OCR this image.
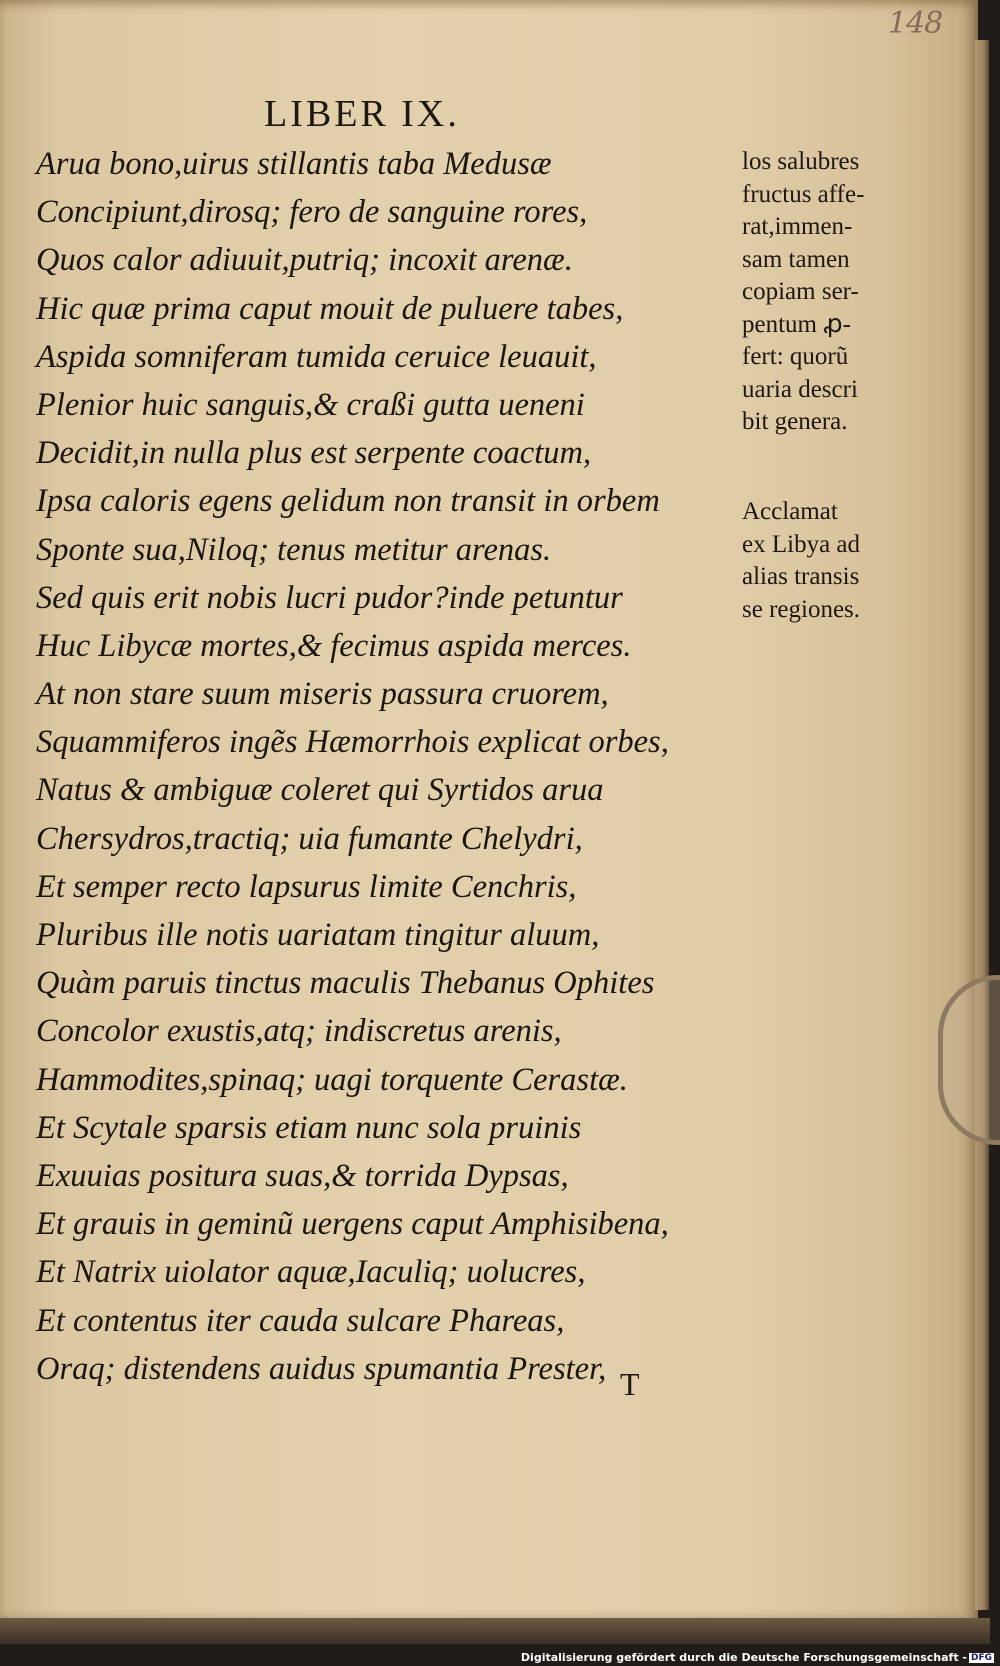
148
LIBER IX.
Arua bono,uirus stillantis taba Medusæ
Concipiunt,dirosq; fero de sanguine rores,
Quos calor adiuuit,putriq; incoxit arenæ.
Hic quæ prima caput mouit de puluere tabes,
Aspida somniferam tumida ceruice leuauit,
Plenior huic sanguis,& craßi gutta ueneni
Decidit,in nulla plus est serpente coactum,
Ipsa caloris egens gelidum non transit in orbem
Sponte sua,Niloq; tenus metitur arenas.
Sed quis erit nobis lucri pudor?inde petuntur
Huc Libycæ mortes,& fecimus aspida merces.
At non stare suum miseris passura cruorem,
Squammiferos ingẽs Hæmorrhois explicat orbes,
Natus & ambiguæ coleret qui Syrtidos arua
Chersydros,tractiq; uia fumante Chelydri,
Et semper recto lapsurus limite Cenchris,
Pluribus ille notis uariatam tingitur aluum,
Quàm paruis tinctus maculis Thebanus Ophites
Concolor exustis,atq; indiscretus arenis,
Hammodites,spinaq; uagi torquente Cerastæ.
Et Scytale sparsis etiam nunc sola pruinis
Exuuias positura suas,& torrida Dypsas,
Et grauis in geminũ uergens caput Amphisibena,
Et Natrix uiolator aquæ,Iaculiq; uolucres,
Et contentus iter cauda sulcare Phareas,
Oraq; distendens auidus spumantia Prester,
los salubres
fructus affe-
rat,immen-
sam tamen
copiam ser-
pentum ꝓ-
fert: quorũ
uaria descri
bit genera.
Acclamat
ex Libya ad
alias transis
se regiones.
T
Digitalisierung gefördert durch die Deutsche Forschungsgemeinschaft - DFG
